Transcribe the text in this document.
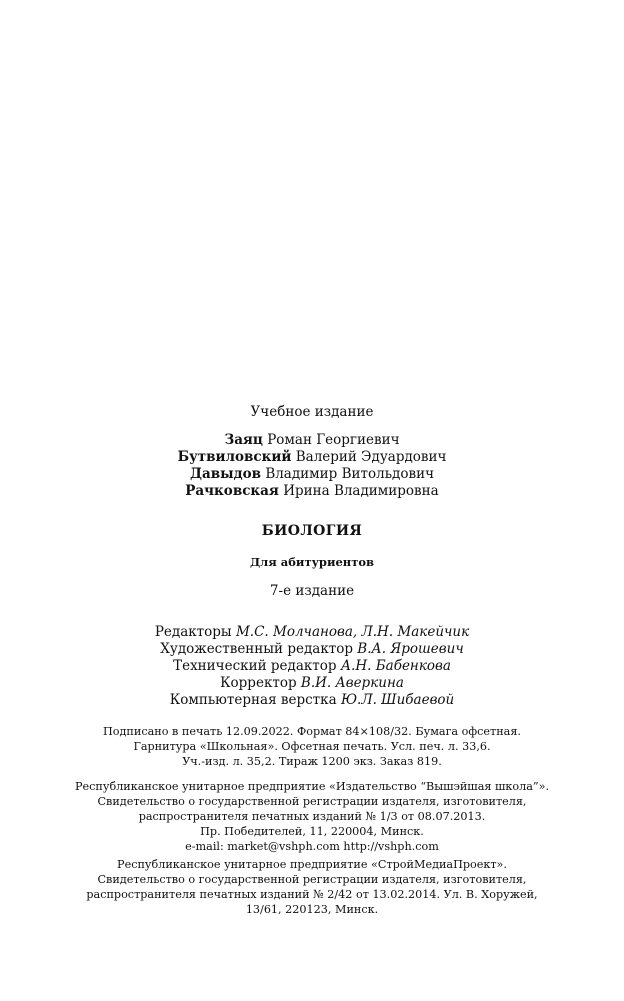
Учебное издание
Заяц Роман Георгиевич
Бутвиловский Валерий Эдуардович
Давыдов Владимир Витольдович
Рачковская Ирина Владимировна
БИОЛОГИЯ
Для абитуриентов
7-е издание
Редакторы М.С. Молчанова, Л.Н. Макейчик
Художественный редактор В.А. Ярошевич
Технический редактор А.Н. Бабенкова
Корректор В.И. Аверкина
Компьютерная верстка Ю.Л. Шибаевой
Подписано в печать 12.09.2022. Формат 84×108/32. Бумага офсетная.
Гарнитура «Школьная». Офсетная печать. Усл. печ. л. 33,6.
Уч.-изд. л. 35,2. Тираж 1200 экз. Заказ 819.
Республиканское унитарное предприятие «Издательство “Вышэйшая школа”».
Свидетельство о государственной регистрации издателя, изготовителя,
распространителя печатных изданий № 1/3 от 08.07.2013.
Пр. Победителей, 11, 220004, Минск.
e-mail: market@vshph.com http://vshph.com
Республиканское унитарное предприятие «СтройМедиаПроект».
Свидетельство о государственной регистрации издателя, изготовителя,
распространителя печатных изданий № 2/42 от 13.02.2014. Ул. В. Хоружей,
13/61, 220123, Минск.
